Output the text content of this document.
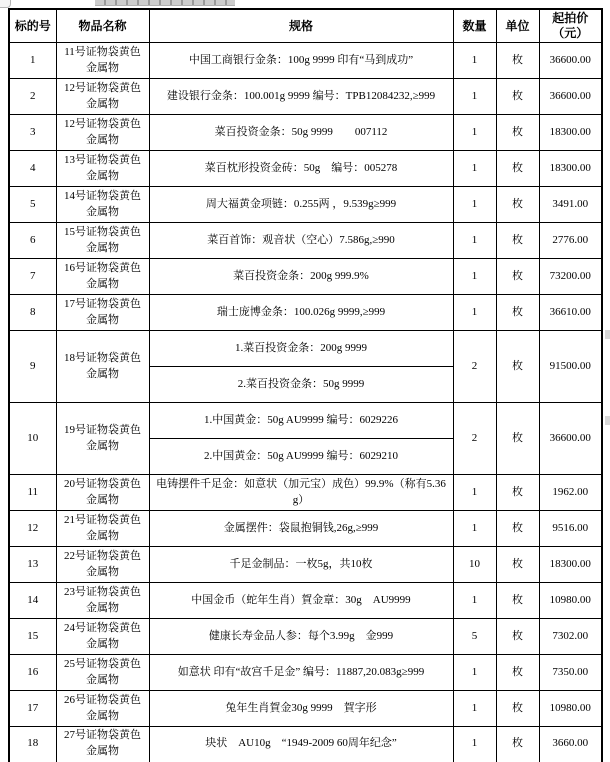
标的号	物品名称	规格	数量	单位	起拍价（元）
1	11号证物袋黄色金属物	中国工商银行金条：100g 9999 印有“马到成功”	1	枚	36600.00
2	12号证物袋黄色金属物	建设银行金条：100.001g 9999 编号：TPB12084232,≥999	1	枚	36600.00
3	12号证物袋黄色金属物	菜百投资金条：50g 9999　　007112	1	枚	18300.00
4	13号证物袋黄色金属物	菜百枕形投资金砖：50g　编号：005278	1	枚	18300.00
5	14号证物袋黄色金属物	周大福黄金项链：0.255两 ，9.539g≥999	1	枚	3491.00
6	15号证物袋黄色金属物	菜百首饰：观音状（空心）7.586g,≥990	1	枚	2776.00
7	16号证物袋黄色金属物	菜百投资金条：200g 999.9%	1	枚	73200.00
8	17号证物袋黄色金属物	瑞士庞博金条：100.026g 9999,≥999	1	枚	36610.00
9	18号证物袋黄色金属物	1.菜百投资金条：200g 9999	2	枚	91500.00
		2.菜百投资金条：50g 9999			
10	19号证物袋黄色金属物	1.中国黄金：50g AU9999 编号：6029226	2	枚	36600.00
		2.中国黄金：50g AU9999 编号：6029210			
11	20号证物袋黄色金属物	电铸摆件千足金：如意状（加元宝）成色）99.9%（称有5.36g）	1	枚	1962.00
12	21号证物袋黄色金属物	金属摆件：袋鼠抱铜钱,26g,≥999	1	枚	9516.00
13	22号证物袋黄色金属物	千足金制品：一枚5g，共10枚	10	枚	18300.00
14	23号证物袋黄色金属物	中国金币（蛇年生肖）賀金章：30g　AU9999	1	枚	10980.00
15	24号证物袋黄色金属物	健康长寿金品人参：每个3.99g　金999	5	枚	7302.00
16	25号证物袋黄色金属物	如意状 印有“故宫千足金” 编号：11887,20.083g≥999	1	枚	7350.00
17	26号证物袋黄色金属物	兔年生肖賀金30g 9999　賀字形	1	枚	10980.00
18	27号证物袋黄色金属物	块状　AU10g　“1949-2009 60周年纪念”	1	枚	3660.00
